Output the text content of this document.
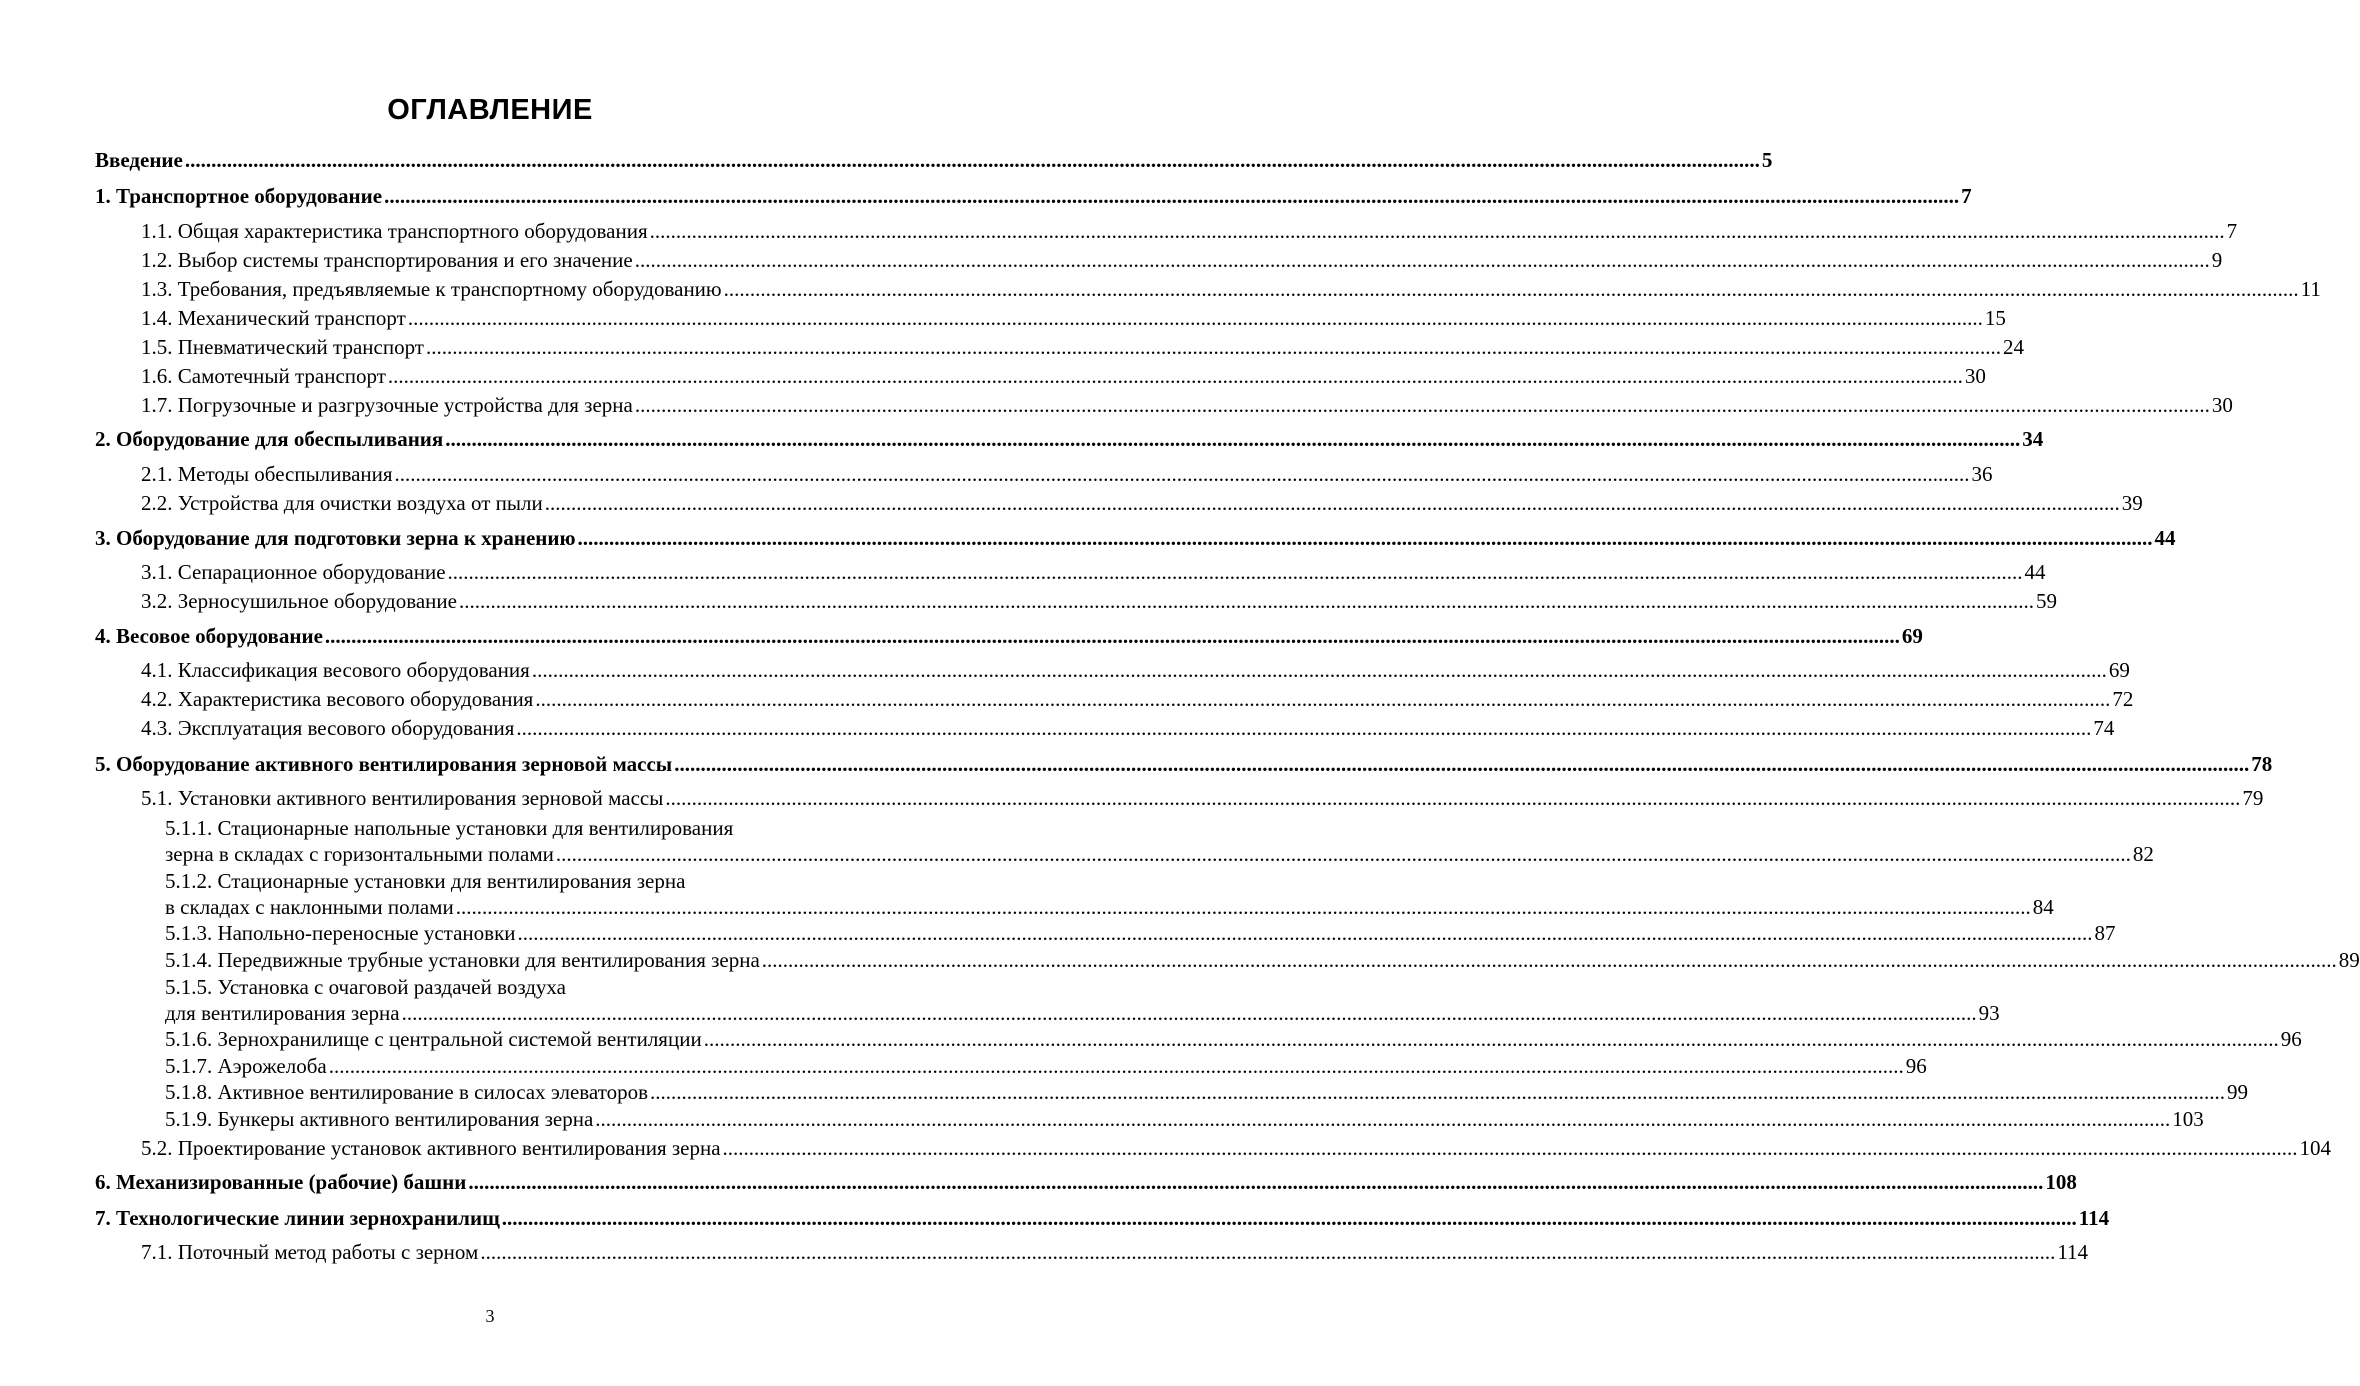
ОГЛАВЛЕНИЕ
Введение ............................................................................................................................................................................................................................................................................................................ 5
1. Транспортное оборудование ............................................................................................................................................................................................................................................................................................................ 7
1.1. Общая характеристика транспортного оборудования ............................................................................................................................................................................................................................................................................................................ 7
1.2. Выбор системы транспортирования и его значение ............................................................................................................................................................................................................................................................................................................ 9
1.3. Требования, предъявляемые к транспортному оборудованию ............................................................................................................................................................................................................................................................................................................ 11
1.4. Механический транспорт ............................................................................................................................................................................................................................................................................................................ 15
1.5. Пневматический транспорт ............................................................................................................................................................................................................................................................................................................ 24
1.6. Самотечный транспорт ............................................................................................................................................................................................................................................................................................................ 30
1.7. Погрузочные и разгрузочные устройства для зерна ............................................................................................................................................................................................................................................................................................................ 30
2. Оборудование для обеспыливания ............................................................................................................................................................................................................................................................................................................ 34
2.1. Методы обеспыливания ............................................................................................................................................................................................................................................................................................................ 36
2.2. Устройства для очистки воздуха от пыли ............................................................................................................................................................................................................................................................................................................ 39
3. Оборудование для подготовки зерна к хранению ............................................................................................................................................................................................................................................................................................................ 44
3.1. Сепарационное оборудование ............................................................................................................................................................................................................................................................................................................ 44
3.2. Зерносушильное оборудование ............................................................................................................................................................................................................................................................................................................ 59
4. Весовое оборудование ............................................................................................................................................................................................................................................................................................................ 69
4.1. Классификация весового оборудования ............................................................................................................................................................................................................................................................................................................ 69
4.2. Характеристика весового оборудования ............................................................................................................................................................................................................................................................................................................ 72
4.3. Эксплуатация весового оборудования ............................................................................................................................................................................................................................................................................................................ 74
5. Оборудование активного вентилирования зерновой массы ............................................................................................................................................................................................................................................................................................................ 78
5.1. Установки активного вентилирования зерновой массы ............................................................................................................................................................................................................................................................................................................ 79
5.1.1. Стационарные напольные установки для вентилирования
зерна в складах с горизонтальными полами ............................................................................................................................................................................................................................................................................................................ 82
5.1.2. Стационарные установки для вентилирования зерна
в складах с наклонными полами ............................................................................................................................................................................................................................................................................................................ 84
5.1.3. Напольно-переносные установки ............................................................................................................................................................................................................................................................................................................ 87
5.1.4. Передвижные трубные установки для вентилирования зерна ............................................................................................................................................................................................................................................................................................................ 89
5.1.5. Установка с очаговой раздачей воздуха
для вентилирования зерна ............................................................................................................................................................................................................................................................................................................ 93
5.1.6. Зернохранилище с центральной системой вентиляции ............................................................................................................................................................................................................................................................................................................ 96
5.1.7. Аэрожелоба ............................................................................................................................................................................................................................................................................................................ 96
5.1.8. Активное вентилирование в силосах элеваторов ............................................................................................................................................................................................................................................................................................................ 99
5.1.9. Бункеры активного вентилирования зерна ............................................................................................................................................................................................................................................................................................................ 103
5.2. Проектирование установок активного вентилирования зерна ............................................................................................................................................................................................................................................................................................................ 104
6. Механизированные (рабочие) башни ............................................................................................................................................................................................................................................................................................................ 108
7. Технологические линии зернохранилищ ............................................................................................................................................................................................................................................................................................................ 114
7.1. Поточный метод работы с зерном ............................................................................................................................................................................................................................................................................................................ 114
3
